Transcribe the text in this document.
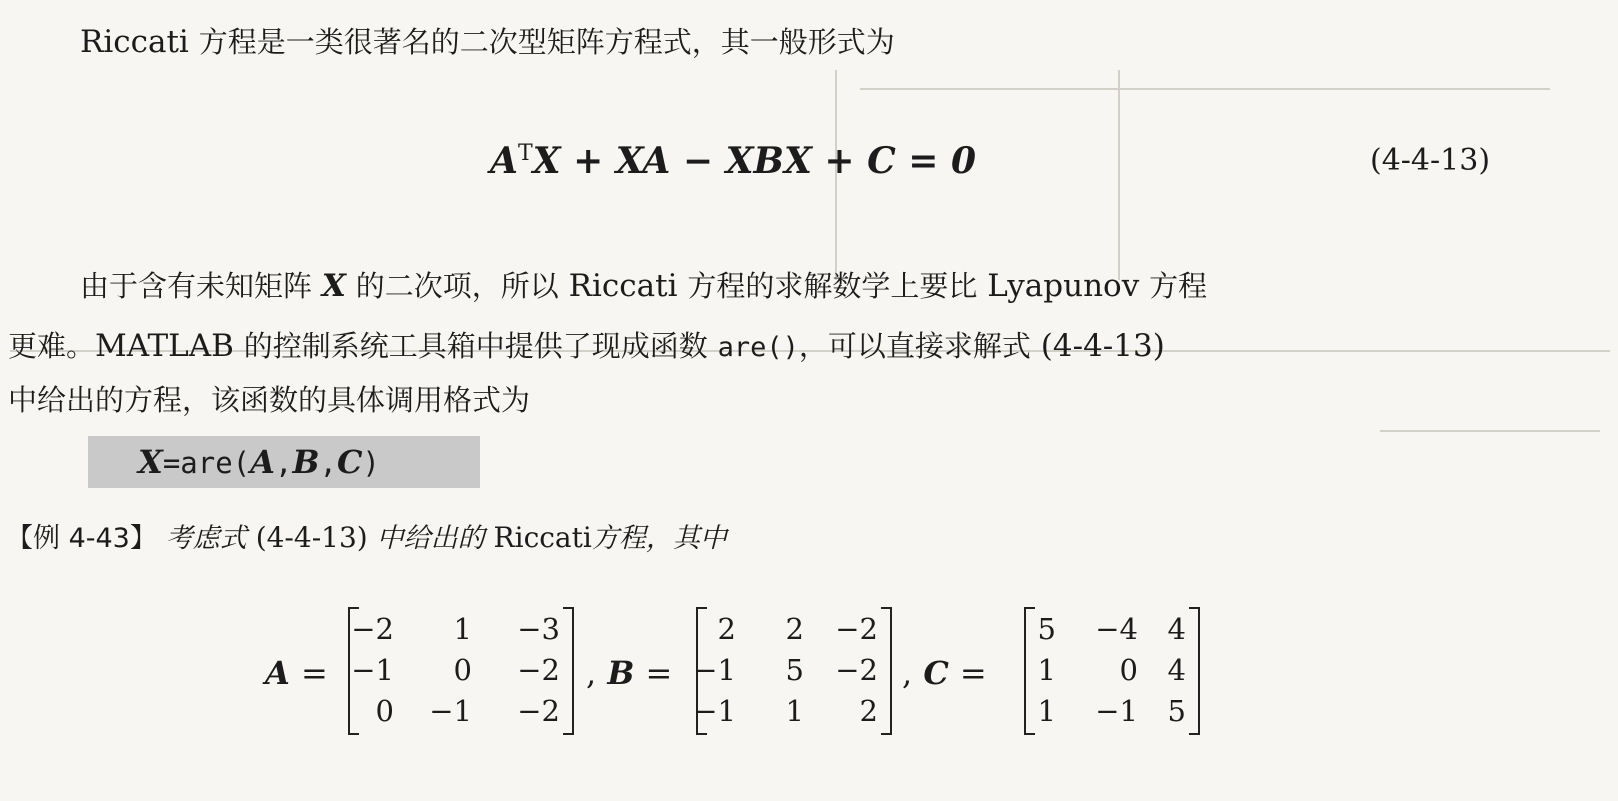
Riccati 方程是一类很著名的二次型矩阵方程式，其一般形式为
$A^TX$ + XA − XBX + C = 0	(4-4-13)
由于含有未知矩阵 X 的二次项，所以 Riccati 方程的求解数学上要比 Lyapunov 方程
更难。MATLAB 的控制系统工具箱中提供了现成函数 are()，可以直接求解式 (4-4-13)
中给出的方程，该函数的具体调用格式为
X=are(A,B,C)
【例 4-43】 考虑式 (4-4-13) 中给出的 Riccati方程，其中
A =
−2 1 −3
−1 0 −2
0 −1 −2
, B =
2 2 −2
−1 5 −2
−1 1 2
, C =
5 −4 4
1 0 4
1 −1 5
